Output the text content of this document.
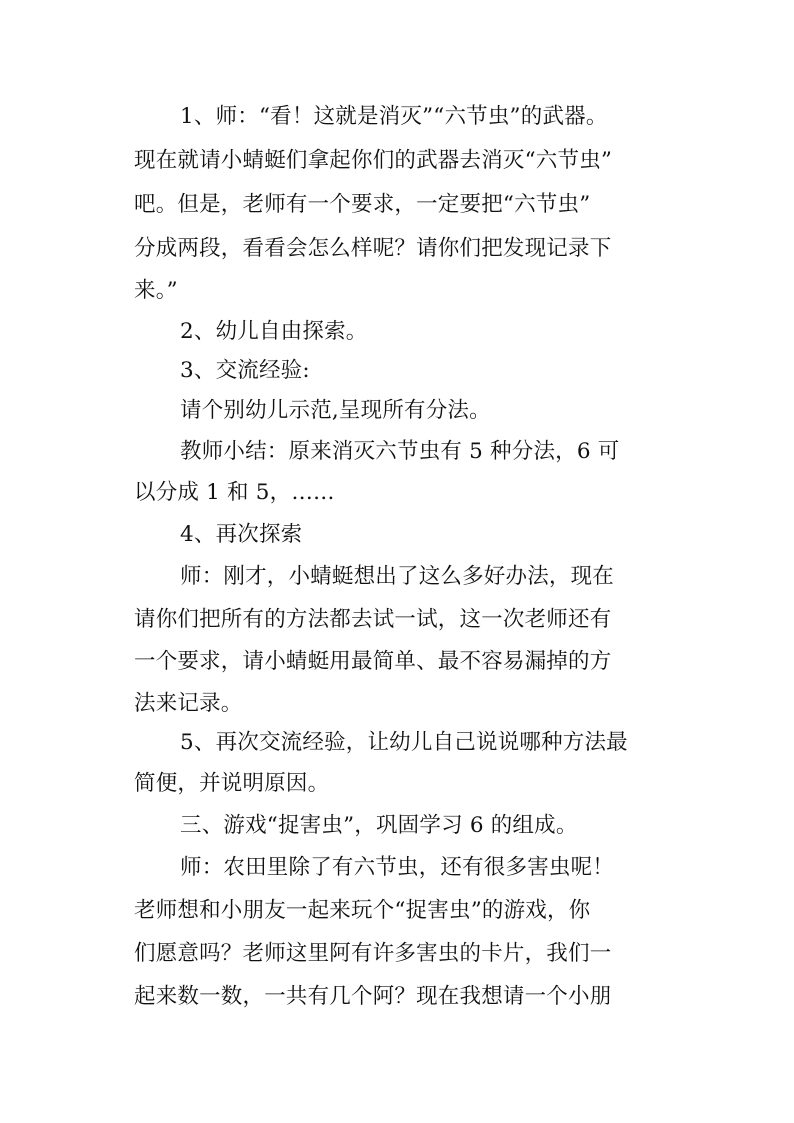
1、师：“看！这就是消灭”“六节虫”的武器。
现在就请小蜻蜓们拿起你们的武器去消灭“六节虫”
吧。但是，老师有一个要求，一定要把“六节虫”
分成两段，看看会怎么样呢？请你们把发现记录下
来。”
2、幼儿自由探索。
3、交流经验:
请个别幼儿示范,呈现所有分法。
教师小结：原来消灭六节虫有 5 种分法，6 可
以分成 1 和 5，……
4、再次探索
师：刚才，小蜻蜓想出了这么多好办法，现在
请你们把所有的方法都去试一试，这一次老师还有
一个要求，请小蜻蜓用最简单、最不容易漏掉的方
法来记录。
5、再次交流经验，让幼儿自己说说哪种方法最
简便，并说明原因。
三、游戏“捉害虫”，巩固学习 6 的组成。
师：农田里除了有六节虫，还有很多害虫呢！
老师想和小朋友一起来玩个“捉害虫”的游戏，你
们愿意吗？老师这里阿有许多害虫的卡片，我们一
起来数一数，一共有几个阿？现在我想请一个小朋
